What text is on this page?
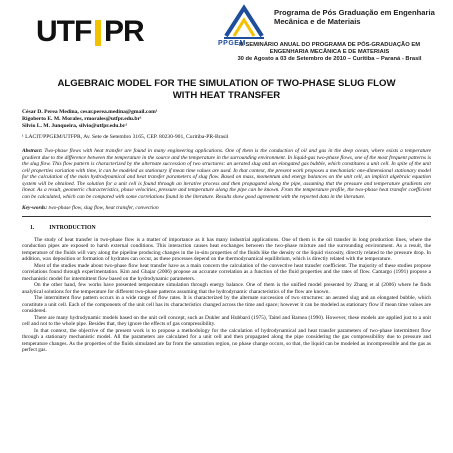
UTF PR	PPGEM
Programa de Pós Graduação em Engenharia
Mecânica e de Materiais
III SEMINÁRIO ANUAL DO PROGRAMA DE PÓS-GRADUAÇÃO EM
ENGENHARIA MECÂNICA E DE MATERIAIS
30 de Agosto a 03 de Setembro de 2010 – Curitiba – Paraná - Brasil
ALGEBRAIC MODEL FOR THE SIMULATION OF TWO-PHASE SLUG FLOW WITH HEAT TRANSFER
César D. Perea Medina, cesar.perea.medina@gmail.com¹
Rigoberto E. M. Morales, rmorales@utfpr.edu.br¹
Silvio L. M. Junqueira, silvio@utfpr.edu.br¹
¹ LACIT/PPGEM/UTFPR, Av. Sete de Setembro 3165, CEP. 80230-901, Curitiba-PR-Brasil
Abstract: Two-phase flows with heat transfer are found in many engineering applications. One of them is the conduction of oil and gas in the deep ocean, where exists a temperature gradient due to the difference between the temperature in the source and the temperature in the surrounding environment. In liquid-gas two-phase flows, one of the most frequent patterns is the slug flow. This flow pattern is characterized by the alternate succession of two structures: an aerated slug and an elongated gas bubble, which constitutes a unit cell. In spite of the unit cell properties variation with time, it can be modeled as stationary if mean time values are used. In that context, the present work proposes a mechanistic one-dimensional stationary model for the calculation of the main hydrodynamical and heat transfer parameters of slug flow. Based on mass, momentum and energy balances on the unit cell, an implicit algebraic equation system will be obtained. The solution for a unit cell is found through an iterative process and then propagated along the pipe, assuming that the pressure and temperature gradients are linear. As a result, geometric characteristics, phase velocities, pressure and temperature along the pipe can be known. From the temperature profile, the two-phase heat transfer coefficient can be calculated, which can be compared with some correlations found in the literature. Results show good agreement with the reported data in the literature.
Key-words: two-phase flow, slug flow, heat transfer, convection
1.	INTRODUCTION

The study of heat transfer in two-phase flow is a matter of importance as it has many industrial applications. One of them is the oil transfer in long production lines, where the conduction pipes are exposed to harsh external conditions. This interaction causes heat exchanges between the two-phase mixture and the surrounding environment. As a result, the temperature of the fluids will vary along the pipeline producing changes in the in-situ properties of the fluids like the density or the liquid viscosity, directly related to the pressure drop. In addition, wax deposition or formation of hydrates can occur, as these processes depend on the thermodynamical equilibrium, which is directly related with the temperature.

Most of the studies made about two-phase flow heat transfer have as a main concern the calculation of the convective heat transfer coefficient. The majority of these studies propose correlations found through experimentation. Kim and Ghajar (2006) propose an accurate correlation as a function of the fluid properties and the rates of flow. Camargo (1991) propose a mechanistic model for intermittent flow based on the hydrodynamic parameters.

On the other hand, few works have presented temperature simulation through energy balance. One of them is the unified model presented by Zhang et al (2006) where he finds analytical solutions for the temperature for different two-phase patterns assuming that the hydrodynamic characteristics of the flow are known.

The intermittent flow pattern occurs in a wide range of flow rates. It is characterized by the alternate succession of two structures: an aerated slug and an elongated bubble, which constitute a unit cell. Each of the components of the unit cell has its characteristics changed across the time and space; however it can be modeled as stationary flow if mean time values are considered.

There are many hydrodynamic models based on the unit cell concept, such as Dukler and Hubbard (1975), Taitel and Barnea (1990). However, these models are applied just to a unit cell and not to the whole pipe. Besides that, they ignore the effects of gas compressibility.

In that context, the objective of the present work is to propose a methodology for the calculation of hydrodynamical and heat transfer parameters of two-phase intermittent flow through a stationary mechanistic model. All the parameters are calculated for a unit cell and then propagated along the pipe considering the gas compressibility due to pressure and temperature changes. As the properties of the fluids simulated are far from the saturation region, no phase change occurs, so that, the liquid can be modeled as incompressible and the gas as perfect gas.
